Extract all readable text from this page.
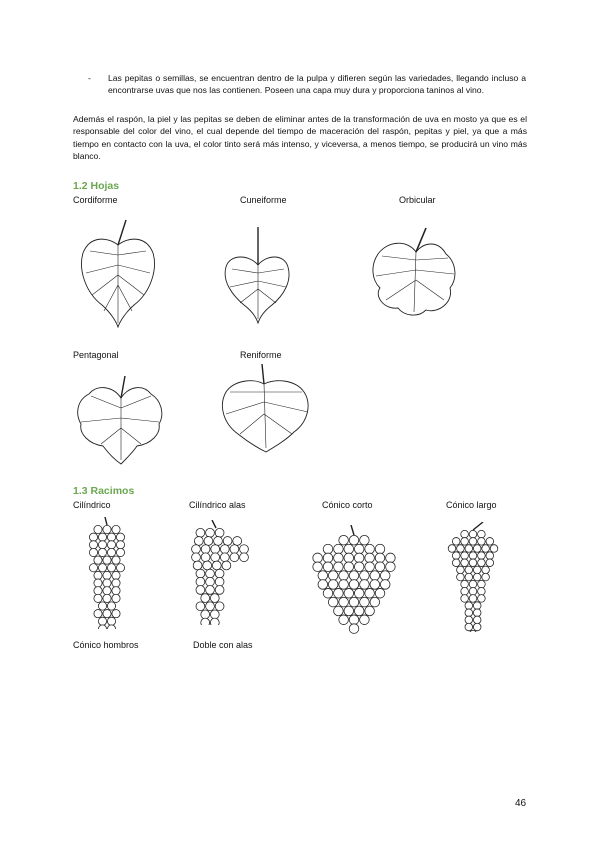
- Las pepitas o semillas, se encuentran dentro de la pulpa y difieren según las variedades, llegando incluso a encontrarse uvas que nos las contienen. Poseen una capa muy dura y proporciona taninos al vino.
Además el raspón, la piel y las pepitas se deben de eliminar antes de la transformación de uva en mosto ya que es el responsable del color del vino, el cual depende del tiempo de maceración del raspón, pepitas y piel, ya que a más tiempo en contacto con la uva, el color tinto será más intenso, y viceversa, a menos tiempo, se producirá un vino más blanco.
1.2 Hojas
Cordiforme	Cuneiforme	Orbicular
Pentagonal	Reniforme
1.3 Racimos
Cilíndrico	Cilíndrico alas	Cónico corto	Cónico largo
Cónico hombros	Doble con alas
46
